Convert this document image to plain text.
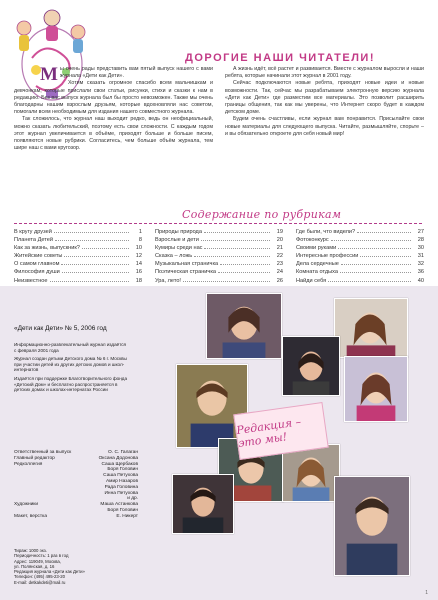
ДОРОГИЕ НАШИ ЧИТАТЕЛИ!

Мы очень рады представить вам пятый выпуск нашего с вами журнала «Дети как Дети».

Хотим сказать огромное спасибо всем мальчишкам и девчонкам, которые прислали свои статьи, рисунки, стихи и сказки к нам в редакцию. Без вас выпуск журнала был бы просто невозможен. Также мы очень благодарны нашим взрослым друзьям, которые вдохновляли нас советом, помогали всем необходимым для издания нашего совместного журнала.

Так сложилось, что журнал наш выходит редко, ведь он неофициальный, можно сказать любительский, поэтому есть свои сложности. С каждым годом этот журнал увеличивается в объёме, приходят больше и больше писем, появляются новые рубрики. Согласитесь, чем больше объём журнала, тем шире наш с вами кругозор.

А жизнь идёт, всё растет и развивается. Вместе с журналом выросли и наши ребята, которые начинали этот журнал в 2001 году.

Сейчас подключаются новые ребята, приходят новые идеи и новые возможности. Так, сейчас мы разрабатываем электронную версию журнала «Дети как Дети» где разместим все материалы. Это позволит расширить границы общения, так как мы уверены, что Интернет скоро будет в каждом детском доме.

Будем очень счастливы, если журнал вам понравится. Присылайте свои новые материалы для следующего выпуска. Читайте, размышляйте, спорьте – и вы обязательно откроете для себя новый мир!

Содержание по рубрикам
В кругу друзей	1
Планета Детей	8
Как за жизнь, выпускник?	10
Житейские советы	12
О самом главном	14
Философия души	16
Неизвестное	18
Природы природа	19
Взрослые и дети	20
Кумиры среди нас	21
Сказка – ложь	22
Музыкальная страничка	23
Поэтическая страничка	24
Ура, лето!	26
Где были, что видели?	27
Фотоконкурс	28
Своими руками	30
Интересные профессии	31
Дела сердечные	32
Комната отдыха	36
Найди себя	40
«Дети как Дети» № 5, 2006 год

Информационно-развлекательный журнал издаётся с февраля 2001 года

Журнал создан детьми Детского дома № 6 г. Москвы при участии детей из других детских домов и школ-интернатов

Издаётся при поддержке Благотворительного фонда «Детский Дом» и бесплатно распространяется в детских домах и школах-интернатах России

Ответственный за выпуск	О. С. Галаган
Главный редактор	Оксана Додонова
Редколлегия	Саша Щербаков
Боря Головин
Саша Петухова
Амир Назаров
Рада Головина
Инна Петухова
и др.
Художники	Маша Астанкова
Боря Головин
Макет, верстка	Е. Никерт
Тираж: 1000 экз.
Периодичность: 1 раз в год
Адрес: 119049, Москва,
ул. Полянская, д. 16
Редакция журнала «Дети как Дети»
Телефон: (495) 495-23-20
E-mail: detkakdeti@mail.ru
Редакция – это мы!
1
